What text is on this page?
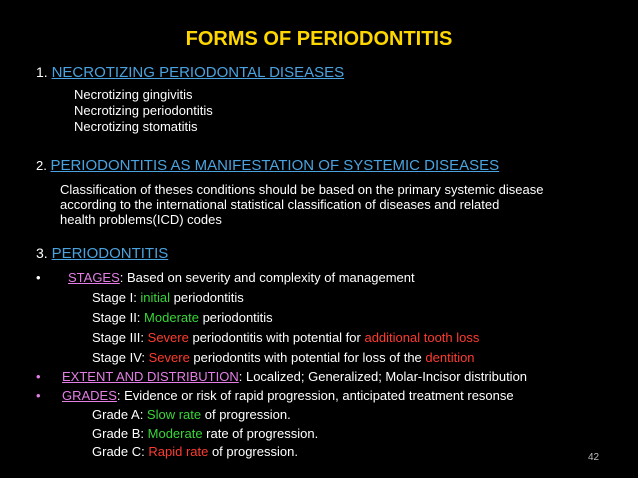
FORMS OF PERIODONTITIS
1. NECROTIZING PERIODONTAL DISEASES
Necrotizing gingivitis
Necrotizing periodontitis
Necrotizing stomatitis
2. PERIODONTITIS AS MANIFESTATION OF SYSTEMIC DISEASES
Classification of theses conditions should be based on the primary systemic disease
according to the international statistical classification of diseases and related
health problems(ICD) codes
3. PERIODONTITIS
• STAGES: Based on severity and complexity of management
Stage I: initial periodontitis
Stage II: Moderate periodontitis
Stage III: Severe periodontitis with potential for additional tooth loss
Stage IV: Severe periodontits with potential for loss of the dentition
• EXTENT AND DISTRIBUTION: Localized; Generalized; Molar-Incisor distribution
• GRADES: Evidence or risk of rapid progression, anticipated treatment resonse
Grade A: Slow rate of progression.
Grade B: Moderate rate of progression.
Grade C: Rapid rate of progression.	42
